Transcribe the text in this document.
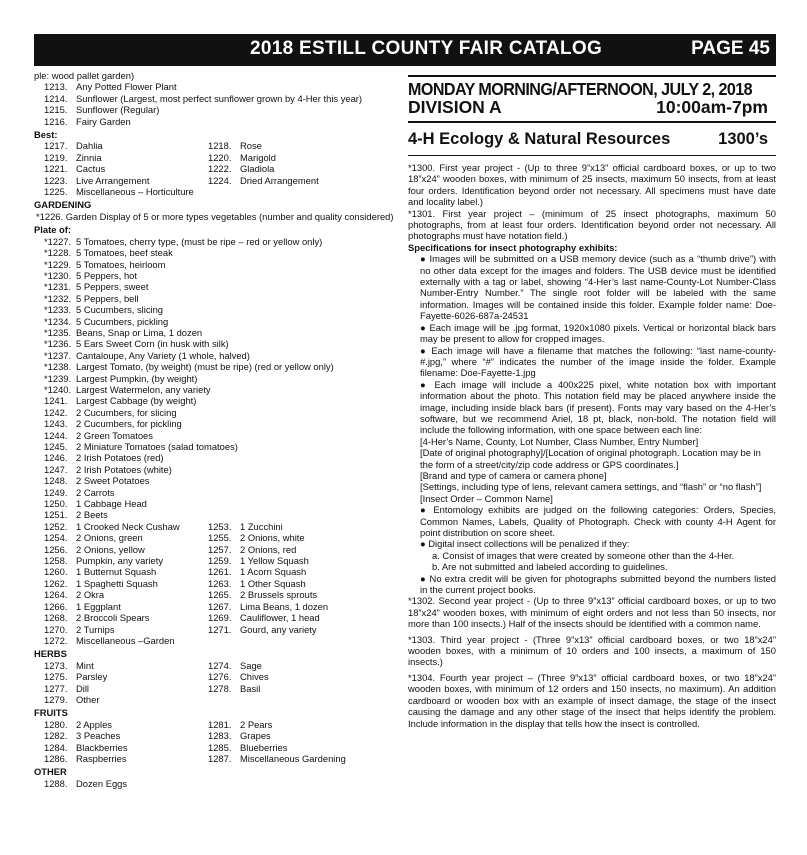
2018 ESTILL COUNTY FAIR CATALOG	PAGE 45
ple: wood pallet garden)
1213. Any Potted Flower Plant
1214. Sunflower (Largest, most perfect sunflower grown by 4-Her this year)
1215. Sunflower (Regular)
1216. Fairy Garden
Best:
1217. Dahlia	1218. Rose
1219. Zinnia	1220. Marigold
1221. Cactus	1222. Gladiola
1223. Live Arrangement	1224. Dried Arrangement
1225. Miscellaneous – Horticulture
GARDENING
*1226. Garden Display of 5 or more types vegetables (number and quality considered)
Plate of:
*1227. 5 Tomatoes, cherry type, (must be ripe – red or yellow only)
*1228. 5 Tomatoes, beef steak
*1229. 5 Tomatoes, heirloom
*1230. 5 Peppers, hot
*1231. 5 Peppers, sweet
*1232. 5 Peppers, bell
*1233. 5 Cucumbers, slicing
*1234. 5 Cucumbers, pickling
*1235. Beans, Snap or Lima, 1 dozen
*1236. 5 Ears Sweet Corn (in husk with silk)
*1237. Cantaloupe, Any Variety (1 whole, halved)
*1238. Largest Tomato, (by weight) (must be ripe) (red or yellow only)
*1239. Largest Pumpkin, (by weight)
*1240. Largest Watermelon, any variety
1241. Largest Cabbage (by weight)
1242. 2 Cucumbers, for slicing
1243. 2 Cucumbers, for pickling
1244. 2 Green Tomatoes
1245. 2 Miniature Tomatoes (salad tomatoes)
1246. 2 Irish Potatoes (red)
1247. 2 Irish Potatoes (white)
1248. 2 Sweet Potatoes
1249. 2 Carrots
1250. 1 Cabbage Head
1251. 2 Beets
1252. 1 Crooked Neck Cushaw	1253. 1 Zucchini
1254. 2 Onions, green	1255. 2 Onions, white
1256. 2 Onions, yellow	1257. 2 Onions, red
1258. Pumpkin, any variety	1259. 1 Yellow Squash
1260. 1 Butternut Squash	1261. 1 Acorn Squash
1262. 1 Spaghetti Squash	1263. 1 Other Squash
1264. 2 Okra	1265. 2 Brussels sprouts
1266. 1 Eggplant	1267. Lima Beans, 1 dozen
1268. 2 Broccoli Spears	1269. Cauliflower, 1 head
1270. 2 Turnips	1271. Gourd, any variety
1272. Miscellaneous –Garden
HERBS
1273. Mint	1274. Sage
1275. Parsley	1276. Chives
1277. Dill	1278. Basil
1279. Other
FRUITS
1280. 2 Apples	1281. 2 Pears
1282. 3 Peaches	1283. Grapes
1284. Blackberries	1285. Blueberries
1286. Raspberries	1287. Miscellaneous Gardening
OTHER
1288. Dozen Eggs
MONDAY MORNING/AFTERNOON, JULY 2, 2018
DIVISION A	10:00am-7pm
4-H Ecology & Natural Resources	1300’s
*1300. First year project - (Up to three 9”x13” official cardboard boxes, or up to two 18”x24” wooden boxes, with minimum of 25 insects, maximum 50 insects, from at least four orders. Identification beyond order not necessary. All specimens must have date and locality label.)
*1301. First year project – (minimum of 25 insect photographs, maximum 50 photographs, from at least four orders. Identification beyond order not necessary. All photographs must have notation field.)
Specifications for insect photography exhibits:
● Images will be submitted on a USB memory device (such as a “thumb drive”) with no other data except for the images and folders. The USB device must be identified externally with a tag or label, showing “4-Her’s last name-County-Lot Number-Class Number-Entry Number.” The single root folder will be labeled with the same information. Images will be contained inside this folder. Example folder name: Doe-Fayette-6026-687a-24531
● Each image will be .jpg format, 1920x1080 pixels. Vertical or horizontal black bars may be present to allow for cropped images.
● Each image will have a filename that matches the following: “last name-county-#.jpg,” where “#” indicates the number of the image inside the folder. Example filename: Doe-Fayette-1.jpg
● Each image will include a 400x225 pixel, white notation box with important information about the photo. This notation field may be placed anywhere inside the image, including inside black bars (if present). Fonts may vary based on the 4-Her’s software, but we recommend Ariel, 18 pt, black, non-bold. The notation field will include the following information, with one space between each line:
[4-Her’s Name, County, Lot Number, Class Number, Entry Number]
[Date of original photography]/[Location of original photograph. Location may be in the form of a street/city/zip code address or GPS coordinates.]
[Brand and type of camera or camera phone]
[Settings, including type of lens, relevant camera settings, and “flash” or “no flash”]
[Insect Order – Common Name]
● Entomology exhibits are judged on the following categories: Orders, Species, Common Names, Labels, Quality of Photograph. Check with county 4-H Agent for point distribution on score sheet.
● Digital insect collections will be penalized if they:
a. Consist of images that were created by someone other than the 4-Her.
b. Are not submitted and labeled according to guidelines.
● No extra credit will be given for photographs submitted beyond the numbers listed in the current project books.
*1302. Second year project - (Up to three 9”x13” official cardboard boxes, or up to two 18”x24” wooden boxes, with minimum of eight orders and not less than 50 insects, nor more than 100 insects.) Half of the insects should be identified with a common name.
*1303. Third year project - (Three 9”x13” official cardboard boxes, or two 18”x24” wooden boxes, with a minimum of 10 orders and 100 insects, a maximum of 150 insects.)
*1304. Fourth year project – (Three 9”x13” official cardboard boxes, or two 18”x24” wooden boxes, with minimum of 12 orders and 150 insects, no maximum). An addition cardboard or wooden box with an example of insect damage, the stage of the insect causing the damage and any other stage of the insect that helps identify the problem. Include information in the display that tells how the insect is controlled.
